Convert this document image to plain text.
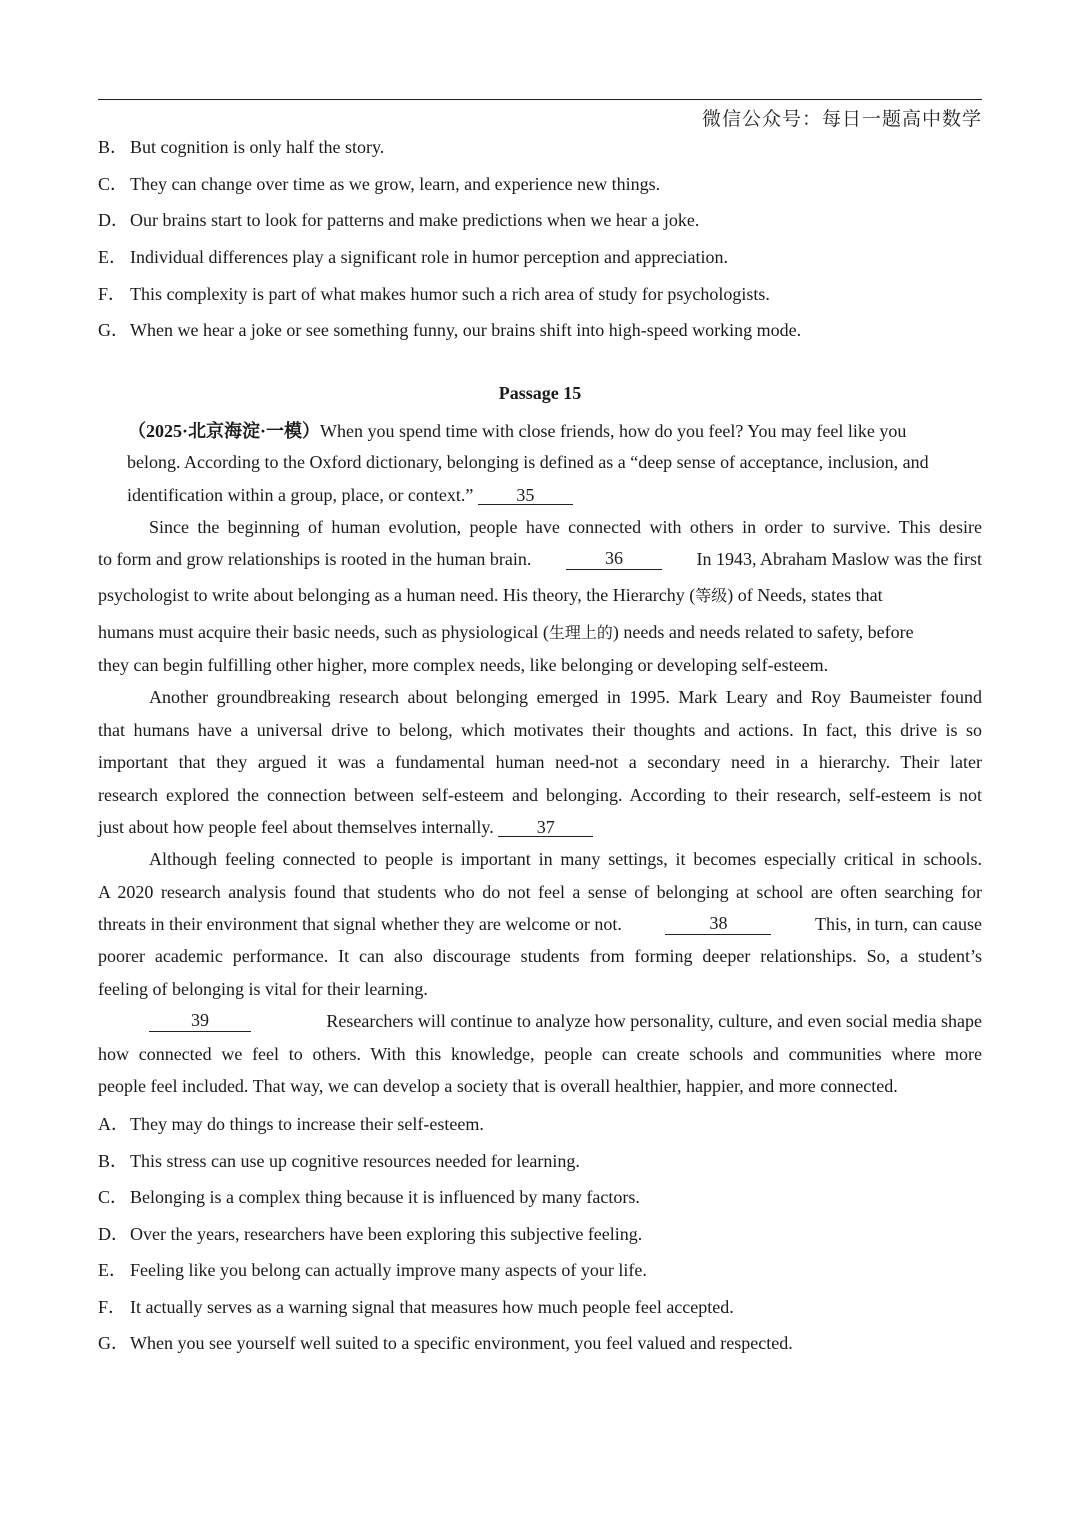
微信公众号：每日一题高中数学
B． But cognition is only half the story.
C． They can change over time as we grow, learn, and experience new things.
D．Our brains start to look for patterns and make predictions when we hear a joke.
E． Individual differences play a significant role in humor perception and appreciation.
F． This complexity is part of what makes humor such a rich area of study for psychologists.
G．When we hear a joke or see something funny, our brains shift into high-speed working mode.
Passage 15
（2025·北京海淀·一模）When you spend time with close friends, how do you feel? You may feel like you
belong. According to the Oxford dictionary, belonging is defined as a “deep sense of acceptance, inclusion, and
identification within a group, place, or context.” 35
Since the beginning of human evolution, people have connected with others in order to survive. This desire
to form and grow relationships is rooted in the human brain.	36	In 1943, Abraham Maslow was the first
psychologist to write about belonging as a human need. His theory, the Hierarchy (等级) of Needs, states that
humans must acquire their basic needs, such as physiological (生理上的) needs and needs related to safety, before
they can begin fulfilling other higher, more complex needs, like belonging or developing self-esteem.
Another groundbreaking research about belonging emerged in 1995. Mark Leary and Roy Baumeister found
that humans have a universal drive to belong, which motivates their thoughts and actions. In fact, this drive is so
important that they argued it was a fundamental human need-not a secondary need in a hierarchy. Their later
research explored the connection between self-esteem and belonging. According to their research, self-esteem is not
just about how people feel about themselves internally. 37
Although feeling connected to people is important in many settings, it becomes especially critical in schools.
A 2020 research analysis found that students who do not feel a sense of belonging at school are often searching for
threats in their environment that signal whether they are welcome or not.	38	This, in turn, can cause
poorer academic performance. It can also discourage students from forming deeper relationships. So, a student’s
feeling of belonging is vital for their learning.
39	Researchers will continue to analyze how personality, culture, and even social media shape
how connected we feel to others. With this knowledge, people can create schools and communities where more
people feel included. That way, we can develop a society that is overall healthier, happier, and more connected.
A．They may do things to increase their self-esteem.
B． This stress can use up cognitive resources needed for learning.
C． Belonging is a complex thing because it is influenced by many factors.
D．Over the years, researchers have been exploring this subjective feeling.
E． Feeling like you belong can actually improve many aspects of your life.
F． It actually serves as a warning signal that measures how much people feel accepted.
G．When you see yourself well suited to a specific environment, you feel valued and respected.
